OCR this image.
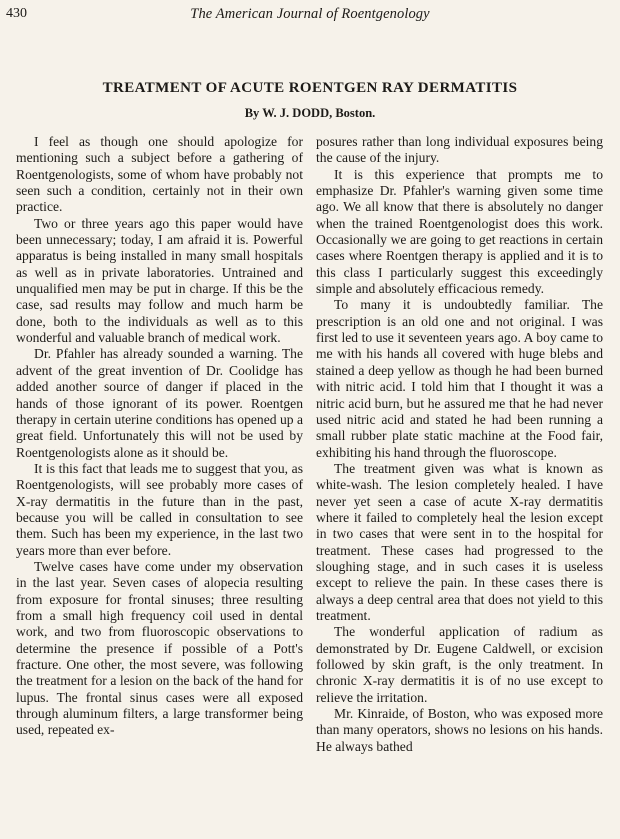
430	The American Journal of Roentgenology
TREATMENT OF ACUTE ROENTGEN RAY DERMATITIS
By W. J. DODD, Boston.

I feel as though one should apologize for mentioning such a subject before a gathering of Roentgenologists, some of whom have probably not seen such a condition, certainly not in their own practice.

Two or three years ago this paper would have been unnecessary; today, I am afraid it is. Powerful apparatus is being installed in many small hospitals as well as in private laboratories. Untrained and unqualified men may be put in charge. If this be the case, sad results may follow and much harm be done, both to the individuals as well as to this wonderful and valuable branch of medical work.

Dr. Pfahler has already sounded a warning. The advent of the great invention of Dr. Coolidge has added another source of danger if placed in the hands of those ignorant of its power. Roentgen therapy in certain uterine conditions has opened up a great field. Unfortunately this will not be used by Roentgenologists alone as it should be.

It is this fact that leads me to suggest that you, as Roentgenologists, will see probably more cases of X-ray dermatitis in the future than in the past, because you will be called in consultation to see them. Such has been my experience, in the last two years more than ever before.

Twelve cases have come under my observation in the last year. Seven cases of alopecia resulting from exposure for frontal sinuses; three resulting from a small high frequency coil used in dental work, and two from fluoroscopic observations to determine the presence if possible of a Pott's fracture. One other, the most severe, was following the treatment for a lesion on the back of the hand for lupus. The frontal sinus cases were all exposed through aluminum filters, a large transformer being used, repeated ex-

posures rather than long individual exposures being the cause of the injury.

It is this experience that prompts me to emphasize Dr. Pfahler's warning given some time ago. We all know that there is absolutely no danger when the trained Roentgenologist does this work. Occasionally we are going to get reactions in certain cases where Roentgen therapy is applied and it is to this class I particularly suggest this exceedingly simple and absolutely efficacious remedy.

To many it is undoubtedly familiar. The prescription is an old one and not original. I was first led to use it seventeen years ago. A boy came to me with his hands all covered with huge blebs and stained a deep yellow as though he had been burned with nitric acid. I told him that I thought it was a nitric acid burn, but he assured me that he had never used nitric acid and stated he had been running a small rubber plate static machine at the Food fair, exhibiting his hand through the fluoroscope.

The treatment given was what is known as white-wash. The lesion completely healed. I have never yet seen a case of acute X-ray dermatitis where it failed to completely heal the lesion except in two cases that were sent in to the hospital for treatment. These cases had progressed to the sloughing stage, and in such cases it is useless except to relieve the pain. In these cases there is always a deep central area that does not yield to this treatment.

The wonderful application of radium as demonstrated by Dr. Eugene Caldwell, or excision followed by skin graft, is the only treatment. In chronic X-ray dermatitis it is of no use except to relieve the irritation.

Mr. Kinraide, of Boston, who was exposed more than many operators, shows no lesions on his hands. He always bathed
